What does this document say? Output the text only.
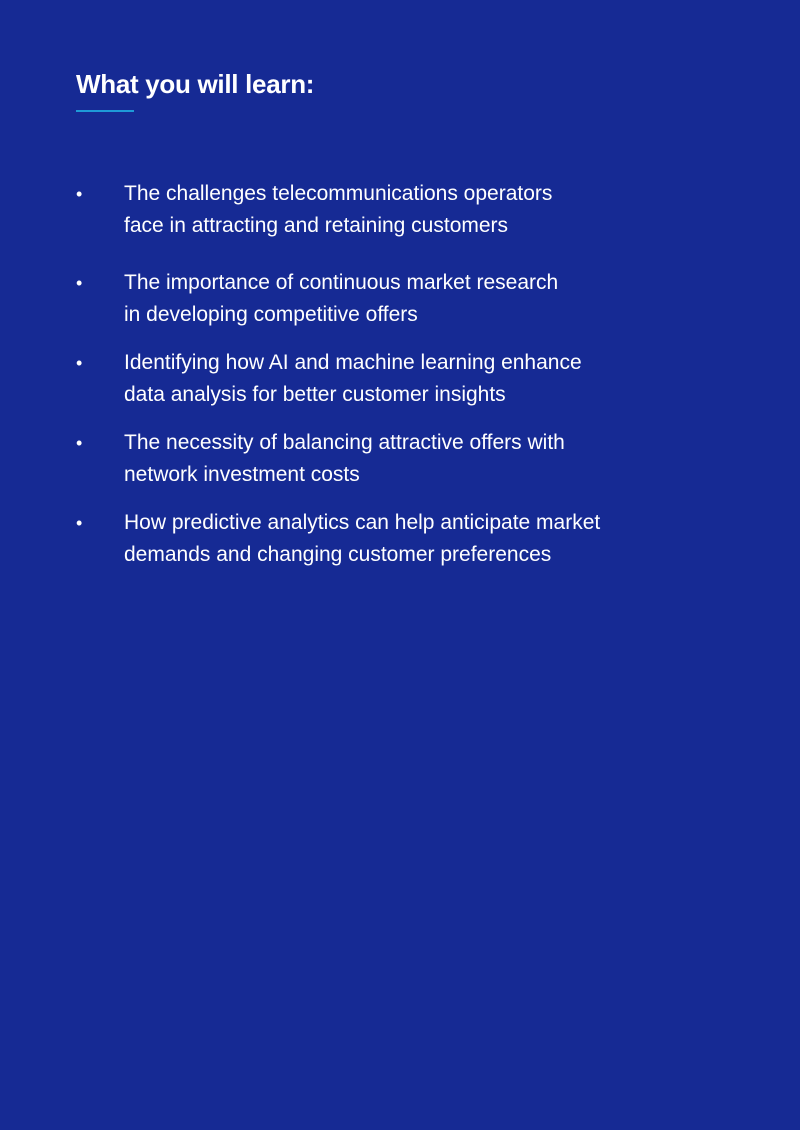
What you will learn:
• The challenges telecommunications operators
face in attracting and retaining customers
• The importance of continuous market research
in developing competitive offers
• Identifying how AI and machine learning enhance
data analysis for better customer insights
• The necessity of balancing attractive offers with
network investment costs
• How predictive analytics can help anticipate market
demands and changing customer preferences
